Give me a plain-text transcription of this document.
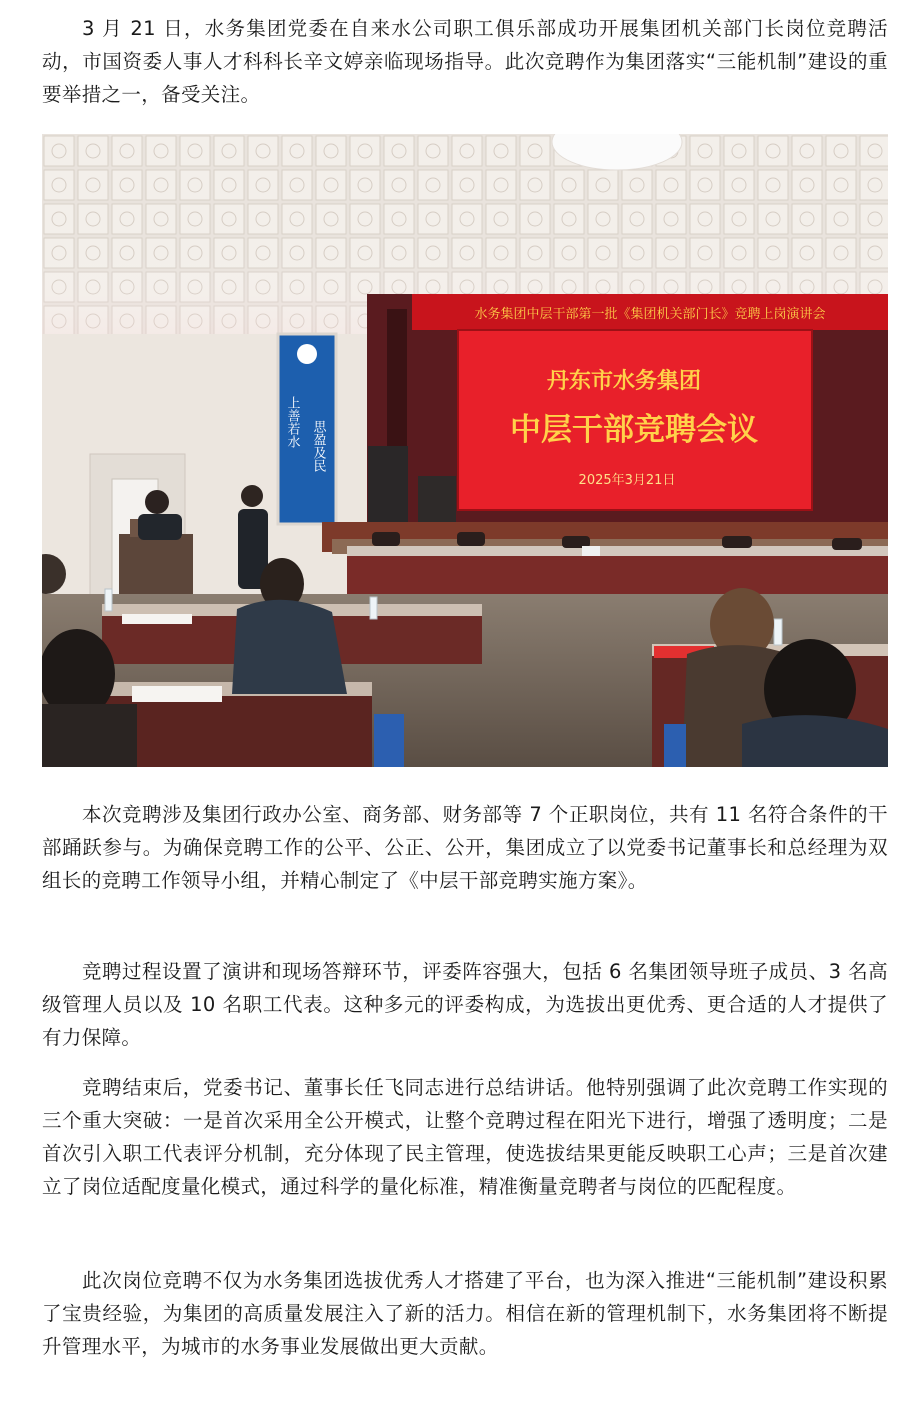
3 月 21 日，水务集团党委在自来水公司职工俱乐部成功开展集团机关部门长岗位竞聘活动，市国资委人事人才科科长辛文婷亲临现场指导。此次竞聘作为集团落实“三能机制”建设的重要举措之一，备受关注。

本次竞聘涉及集团行政办公室、商务部、财务部等 7 个正职岗位，共有 11 名符合条件的干部踊跃参与。为确保竞聘工作的公平、公正、公开，集团成立了以党委书记董事长和总经理为双组长的竞聘工作领导小组，并精心制定了《中层干部竞聘实施方案》。

竞聘过程设置了演讲和现场答辩环节，评委阵容强大，包括 6 名集团领导班子成员、3 名高级管理人员以及 10 名职工代表。这种多元的评委构成，为选拔出更优秀、更合适的人才提供了有力保障。

竞聘结束后，党委书记、董事长任飞同志进行总结讲话。他特别强调了此次竞聘工作实现的三个重大突破：一是首次采用全公开模式，让整个竞聘过程在阳光下进行，增强了透明度；二是首次引入职工代表评分机制，充分体现了民主管理，使选拔结果更能反映职工心声；三是首次建立了岗位适配度量化模式，通过科学的量化标准，精准衡量竞聘者与岗位的匹配程度。

此次岗位竞聘不仅为水务集团选拔优秀人才搭建了平台，也为深入推进“三能机制”建设积累了宝贵经验，为集团的高质量发展注入了新的活力。相信在新的管理机制下，水务集团将不断提升管理水平，为城市的水务事业发展做出更大贡献。

上善若水 思盈及民
水务集团中层干部第一批《集团机关部门长》竞聘上岗演讲会
丹东市水务集团
中层干部竞聘会议
2025年3月21日
